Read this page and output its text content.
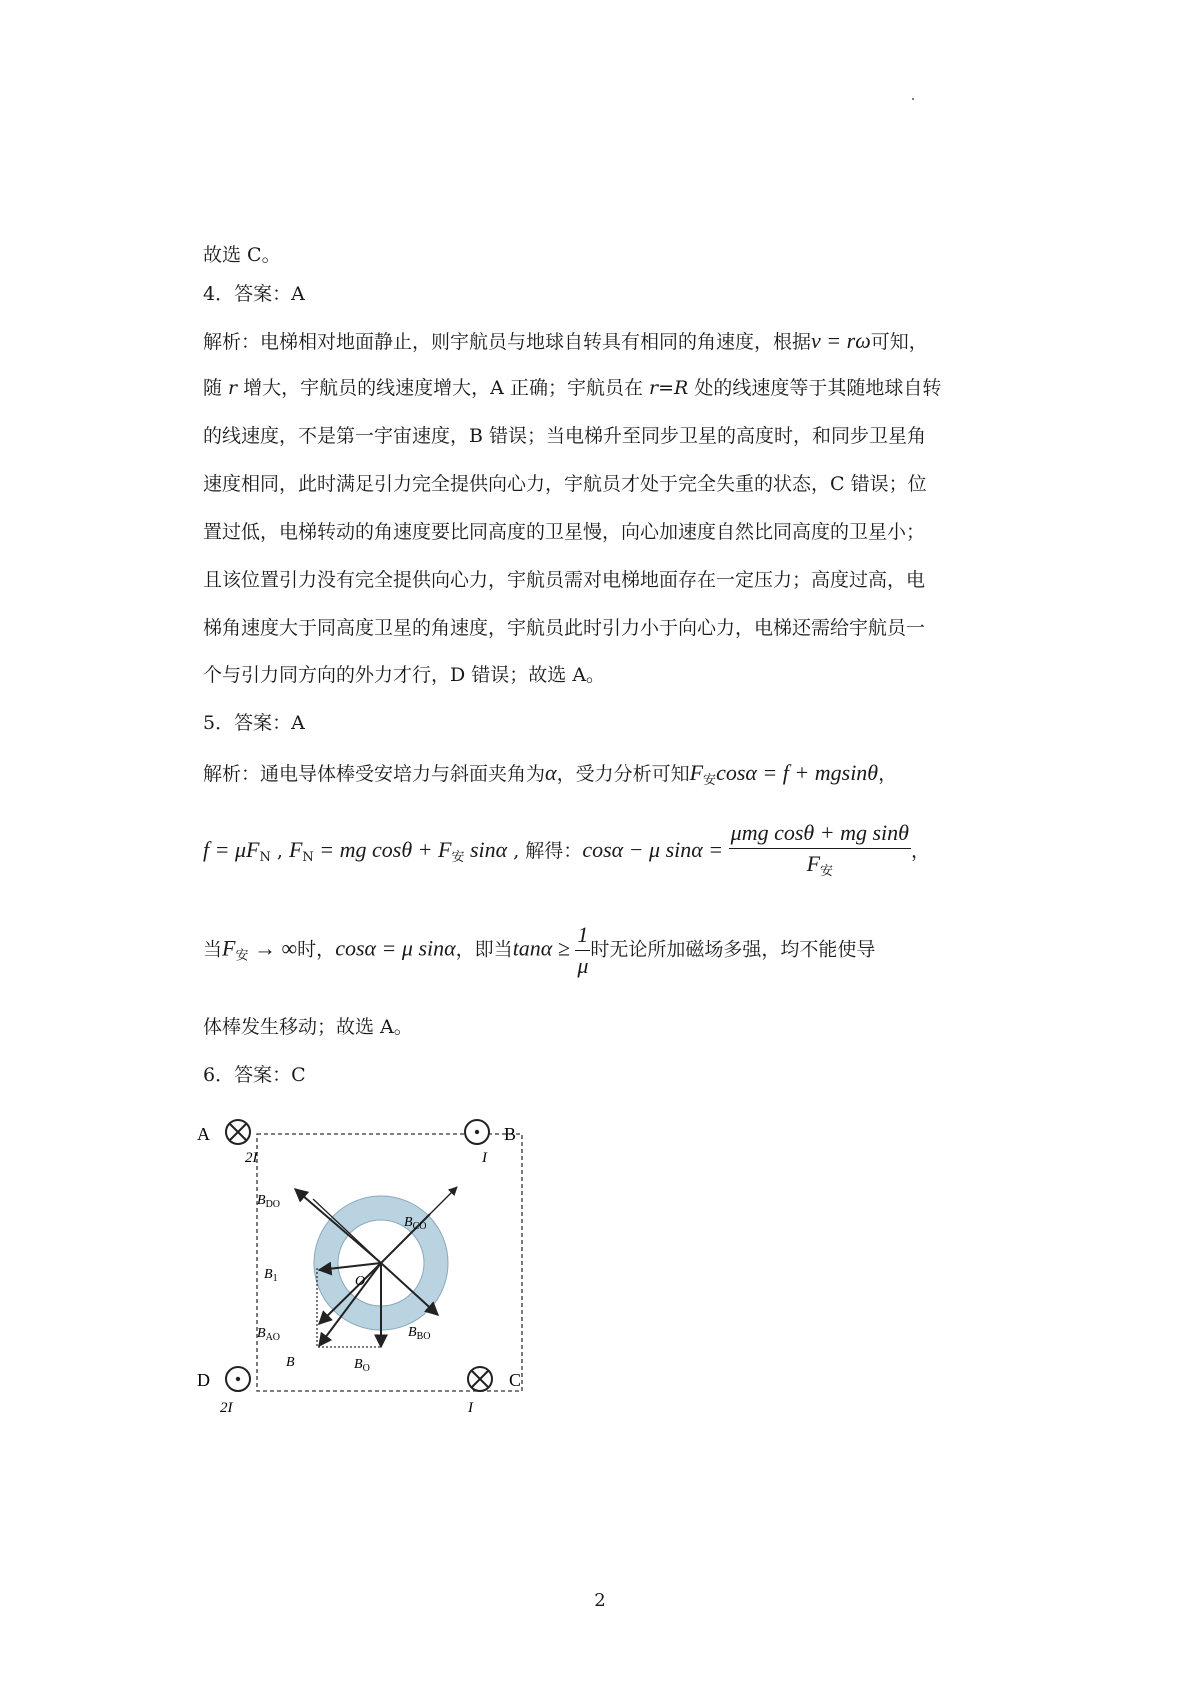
故选 C。
4．答案：A
解析：电梯相对地面静止，则宇航员与地球自转具有相同的角速度，根据v = rω可知，
随 r 增大，宇航员的线速度增大，A 正确；宇航员在 r=R 处的线速度等于其随地球自转
的线速度，不是第一宇宙速度，B 错误；当电梯升至同步卫星的高度时，和同步卫星角
速度相同，此时满足引力完全提供向心力，宇航员才处于完全失重的状态，C 错误；位
置过低，电梯转动的角速度要比同高度的卫星慢，向心加速度自然比同高度的卫星小；
且该位置引力没有完全提供向心力，宇航员需对电梯地面存在一定压力；高度过高，电
梯角速度大于同高度卫星的角速度，宇航员此时引力小于向心力，电梯还需给宇航员一
个与引力同方向的外力才行，D 错误；故选 A。
5．答案：A
解析：通电导体棒受安培力与斜面夹角为α，受力分析可知$F_安\cos\alpha = f + mgsin\theta$，
$f = \mu F_N$ , $F_N$ = mg $\cos\theta + F_安$ sinα , 解得：cosα − μ $\sin\alpha = \frac{\text{μmg cosθ + mg sinθ}}{F_安}$ ，
当$F_安$ → ∞时，cosα = μ sinα，即当$\tan\alpha \ge \frac{1}{\mu}$ 时无论所加磁场多强，均不能使导
体棒发生移动；故选 A。
6．答案：C
A	B
C
D
2I	I
I
2I
$B_{DO}$
$B_{CO}$
$B_1$	O
$B_{BO}$
$B_{AO}$
B	$B_O$
2
